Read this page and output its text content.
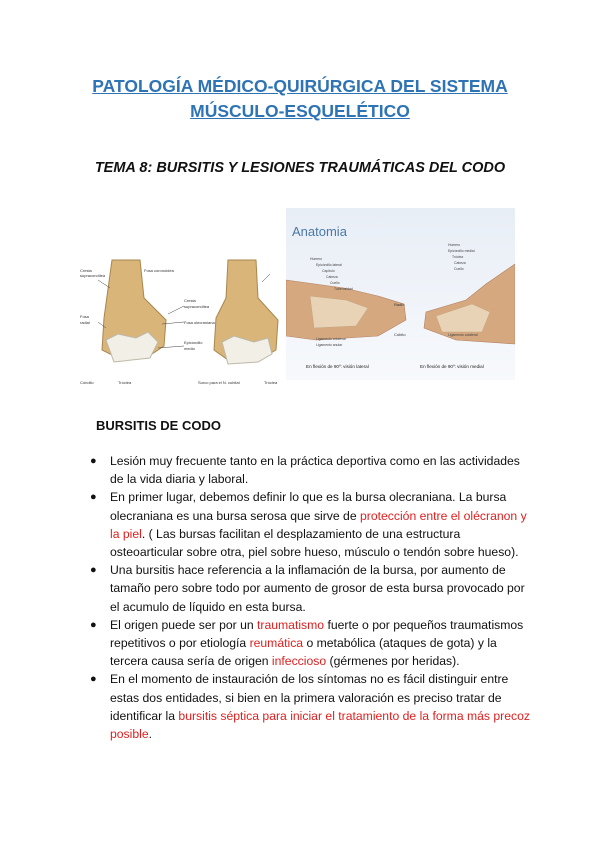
PATOLOGÍA MÉDICO-QUIRÚRGICA DEL SISTEMA
MÚSCULO-ESQUELÉTICO
TEMA 8: BURSITIS Y LESIONES TRAUMÁTICAS DEL CODO
Cresta
supracondílea
Fosa
radial
Fosa coronoidea
Cresta
supracondílea
Fosa olecraniana
Epicóndilo
medio
Cóndilo	Tróclea	Surco para el N. cubital	Tróclea
Húmero
Epicóndilo lateral
Capítulo
Cabeza
Cuello
Tuberosidad
Ligamento colateral
Ligamento anular
Húmero
Epicóndilo medial
Tróclea
Cabeza
Cuello
Ligamento colateral
Anatomia
Radio
Cúbito
En flexión de 90º: visión lateral	En flexión de 90º: visión medial
BURSITIS DE CODO
● Lesión muy frecuente tanto en la práctica deportiva como en las actividades de la vida diaria y laboral.
● En primer lugar, debemos definir lo que es la bursa olecraniana. La bursa olecraniana es una bursa serosa que sirve de protección entre el olécranon y la piel. ( Las bursas facilitan el desplazamiento de una estructura osteoarticular sobre otra, piel sobre hueso, músculo o tendón sobre hueso).
● Una bursitis hace referencia a la inflamación de la bursa, por aumento de tamaño pero sobre todo por aumento de grosor de esta bursa provocado por el acumulo de líquido en esta bursa.
● El origen puede ser por un traumatismo fuerte o por pequeños traumatismos repetitivos o por etiología reumática o metabólica (ataques de gota) y la tercera causa sería de origen infeccioso (gérmenes por heridas).
● En el momento de instauración de los síntomas no es fácil distinguir entre estas dos entidades, si bien en la primera valoración es preciso tratar de identificar la bursitis séptica para iniciar el tratamiento de la forma más precoz posible.
